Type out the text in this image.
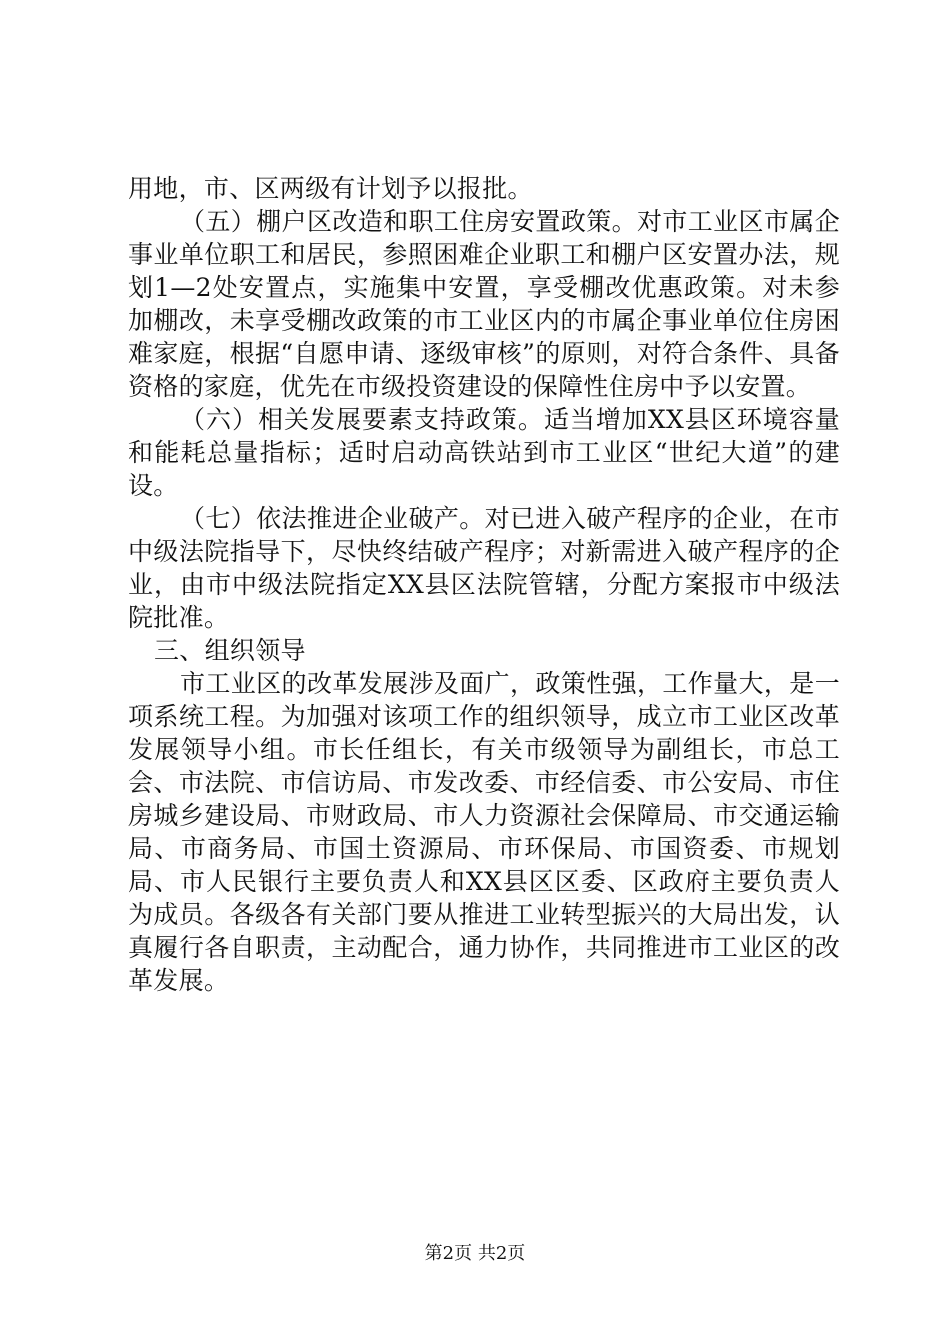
用地，市、区两级有计划予以报批。

（五）棚户区改造和职工住房安置政策。对市工业区市属企事业单位职工和居民，参照困难企业职工和棚户区安置办法，规划1—2处安置点，实施集中安置，享受棚改优惠政策。对未参加棚改，未享受棚改政策的市工业区内的市属企事业单位住房困难家庭，根据“自愿申请、逐级审核”的原则，对符合条件、具备资格的家庭，优先在市级投资建设的保障性住房中予以安置。

（六）相关发展要素支持政策。适当增加XX县区环境容量和能耗总量指标；适时启动高铁站到市工业区“世纪大道”的建设。

（七）依法推进企业破产。对已进入破产程序的企业，在市中级法院指导下，尽快终结破产程序；对新需进入破产程序的企业，由市中级法院指定XX县区法院管辖，分配方案报市中级法院批准。

三、组织领导

市工业区的改革发展涉及面广，政策性强，工作量大，是一项系统工程。为加强对该项工作的组织领导，成立市工业区改革发展领导小组。市长任组长，有关市级领导为副组长，市总工会、市法院、市信访局、市发改委、市经信委、市公安局、市住房城乡建设局、市财政局、市人力资源社会保障局、市交通运输局、市商务局、市国土资源局、市环保局、市国资委、市规划局、市人民银行主要负责人和XX县区区委、区政府主要负责人为成员。各级各有关部门要从推进工业转型振兴的大局出发，认真履行各自职责，主动配合，通力协作，共同推进市工业区的改革发展。

第2页 共2页
